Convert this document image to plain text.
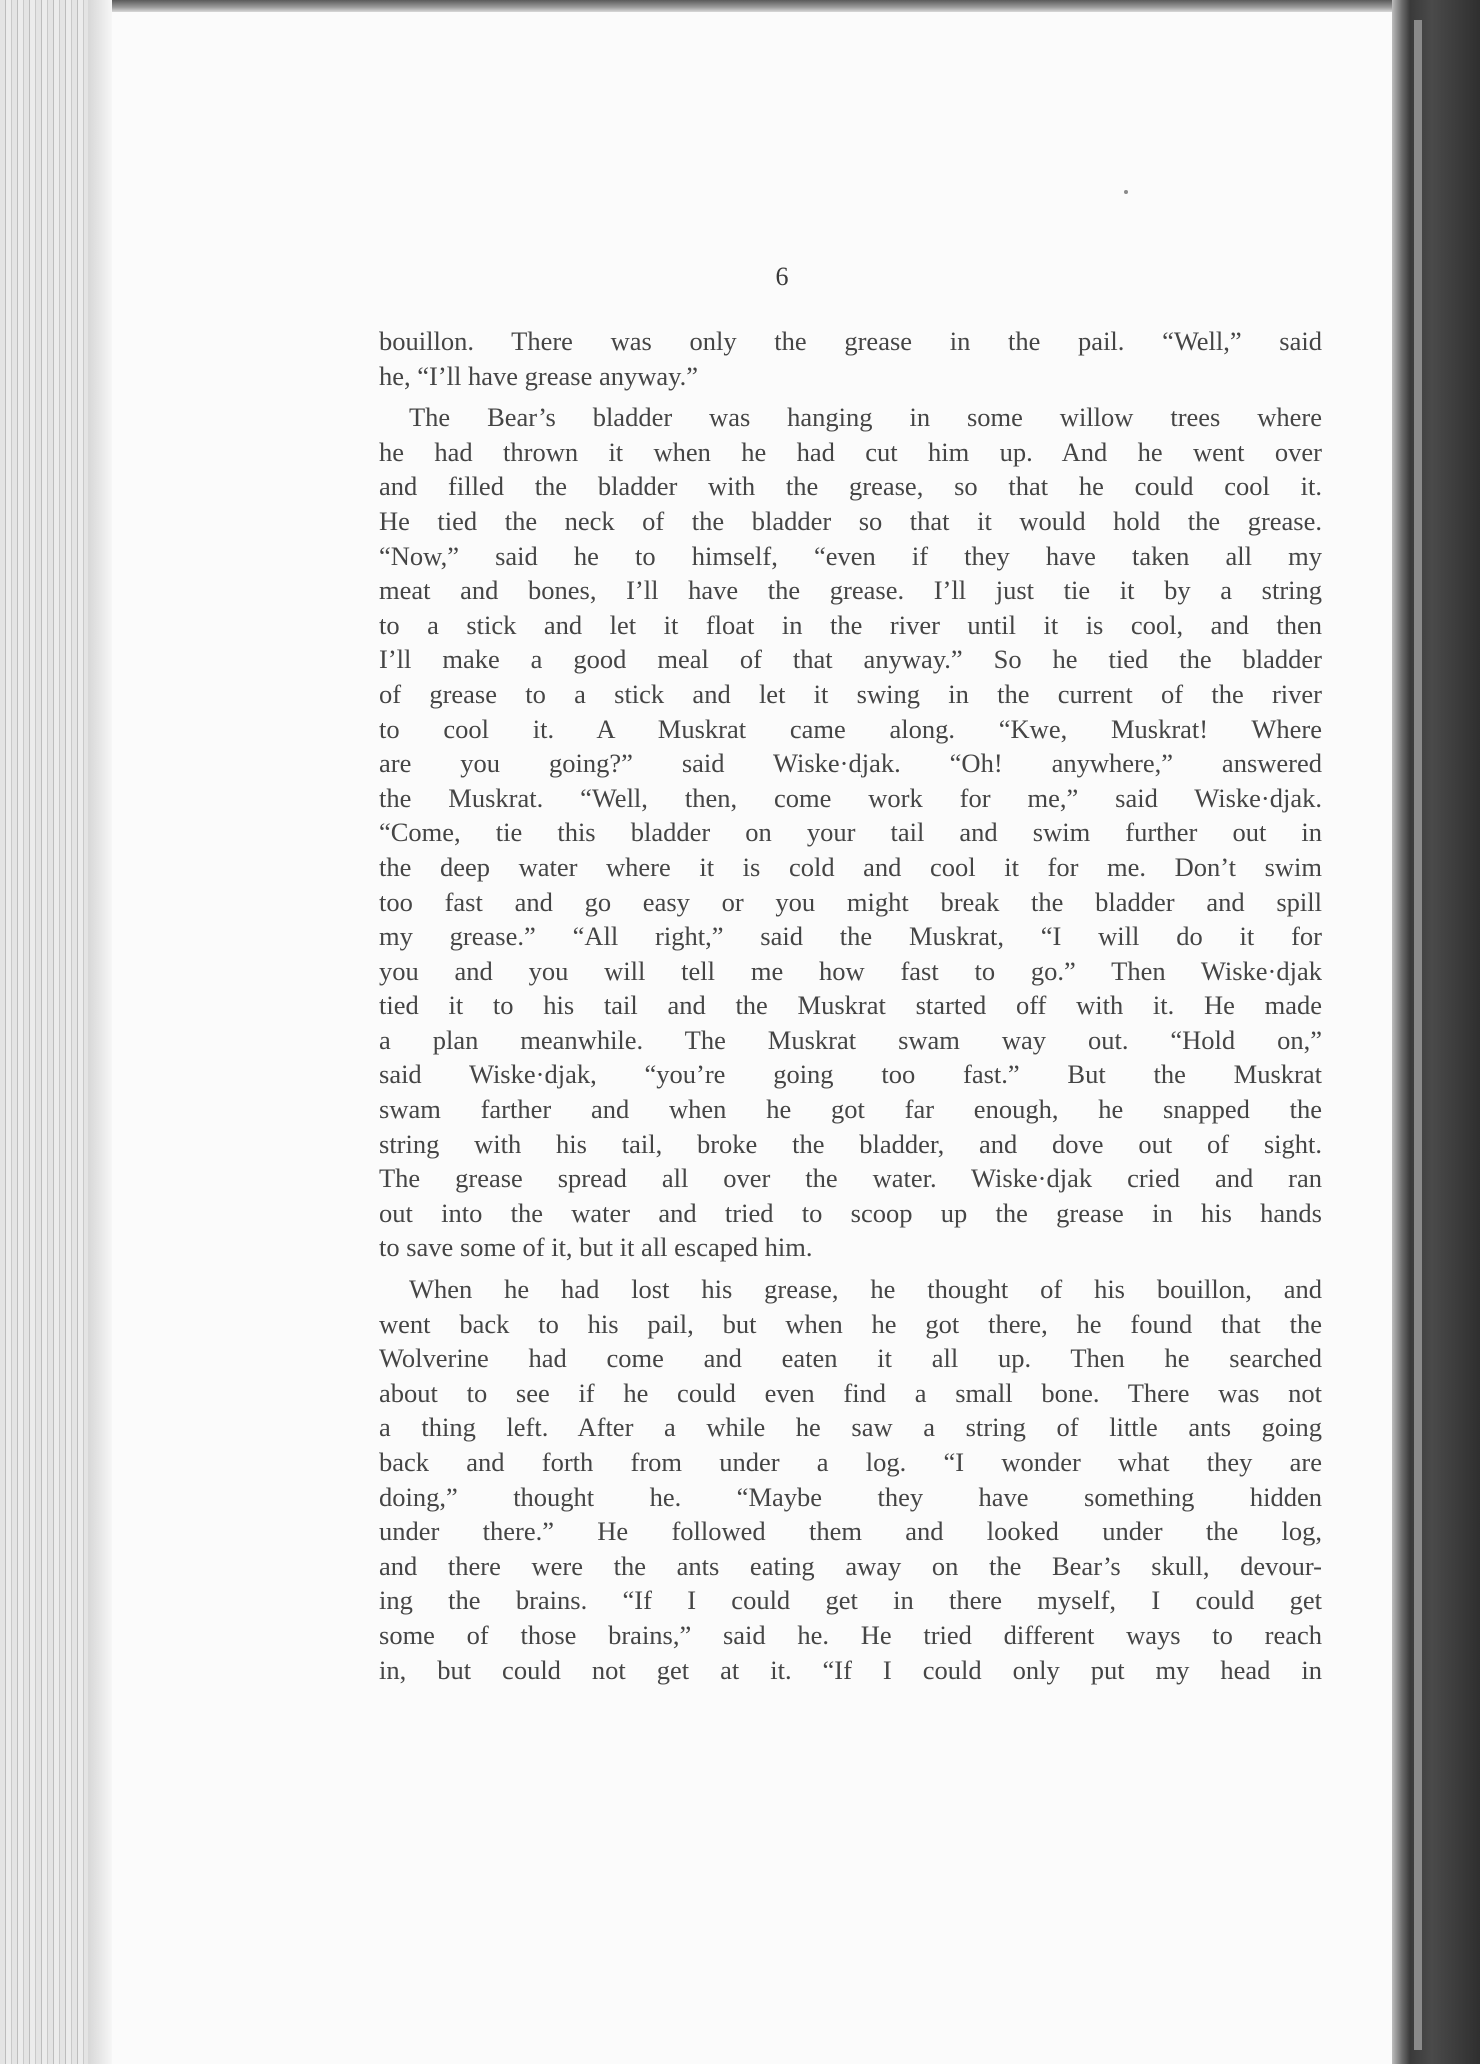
6
bouillon. There was only the grease in the pail. “Well,” said
he, “I’ll have grease anyway.”
The Bear’s bladder was hanging in some willow trees where
he had thrown it when he had cut him up. And he went over
and filled the bladder with the grease, so that he could cool it.
He tied the neck of the bladder so that it would hold the grease.
“Now,” said he to himself, “even if they have taken all my
meat and bones, I’ll have the grease. I’ll just tie it by a string
to a stick and let it float in the river until it is cool, and then
I’ll make a good meal of that anyway.” So he tied the bladder
of grease to a stick and let it swing in the current of the river
to cool it. A Muskrat came along. “Kwe, Muskrat! Where
are you going?” said Wiske·djak. “Oh! anywhere,” answered
the Muskrat. “Well, then, come work for me,” said Wiske·djak.
“Come, tie this bladder on your tail and swim further out in
the deep water where it is cold and cool it for me. Don’t swim
too fast and go easy or you might break the bladder and spill
my grease.” “All right,” said the Muskrat, “I will do it for
you and you will tell me how fast to go.” Then Wiske·djak
tied it to his tail and the Muskrat started off with it. He made
a plan meanwhile. The Muskrat swam way out. “Hold on,”
said Wiske·djak, “you’re going too fast.” But the Muskrat
swam farther and when he got far enough, he snapped the
string with his tail, broke the bladder, and dove out of sight.
The grease spread all over the water. Wiske·djak cried and ran
out into the water and tried to scoop up the grease in his hands
to save some of it, but it all escaped him.
When he had lost his grease, he thought of his bouillon, and
went back to his pail, but when he got there, he found that the
Wolverine had come and eaten it all up. Then he searched
about to see if he could even find a small bone. There was not
a thing left. After a while he saw a string of little ants going
back and forth from under a log. “I wonder what they are
doing,” thought he. “Maybe they have something hidden
under there.” He followed them and looked under the log,
and there were the ants eating away on the Bear’s skull, devour-
ing the brains. “If I could get in there myself, I could get
some of those brains,” said he. He tried different ways to reach
in, but could not get at it. “If I could only put my head in
